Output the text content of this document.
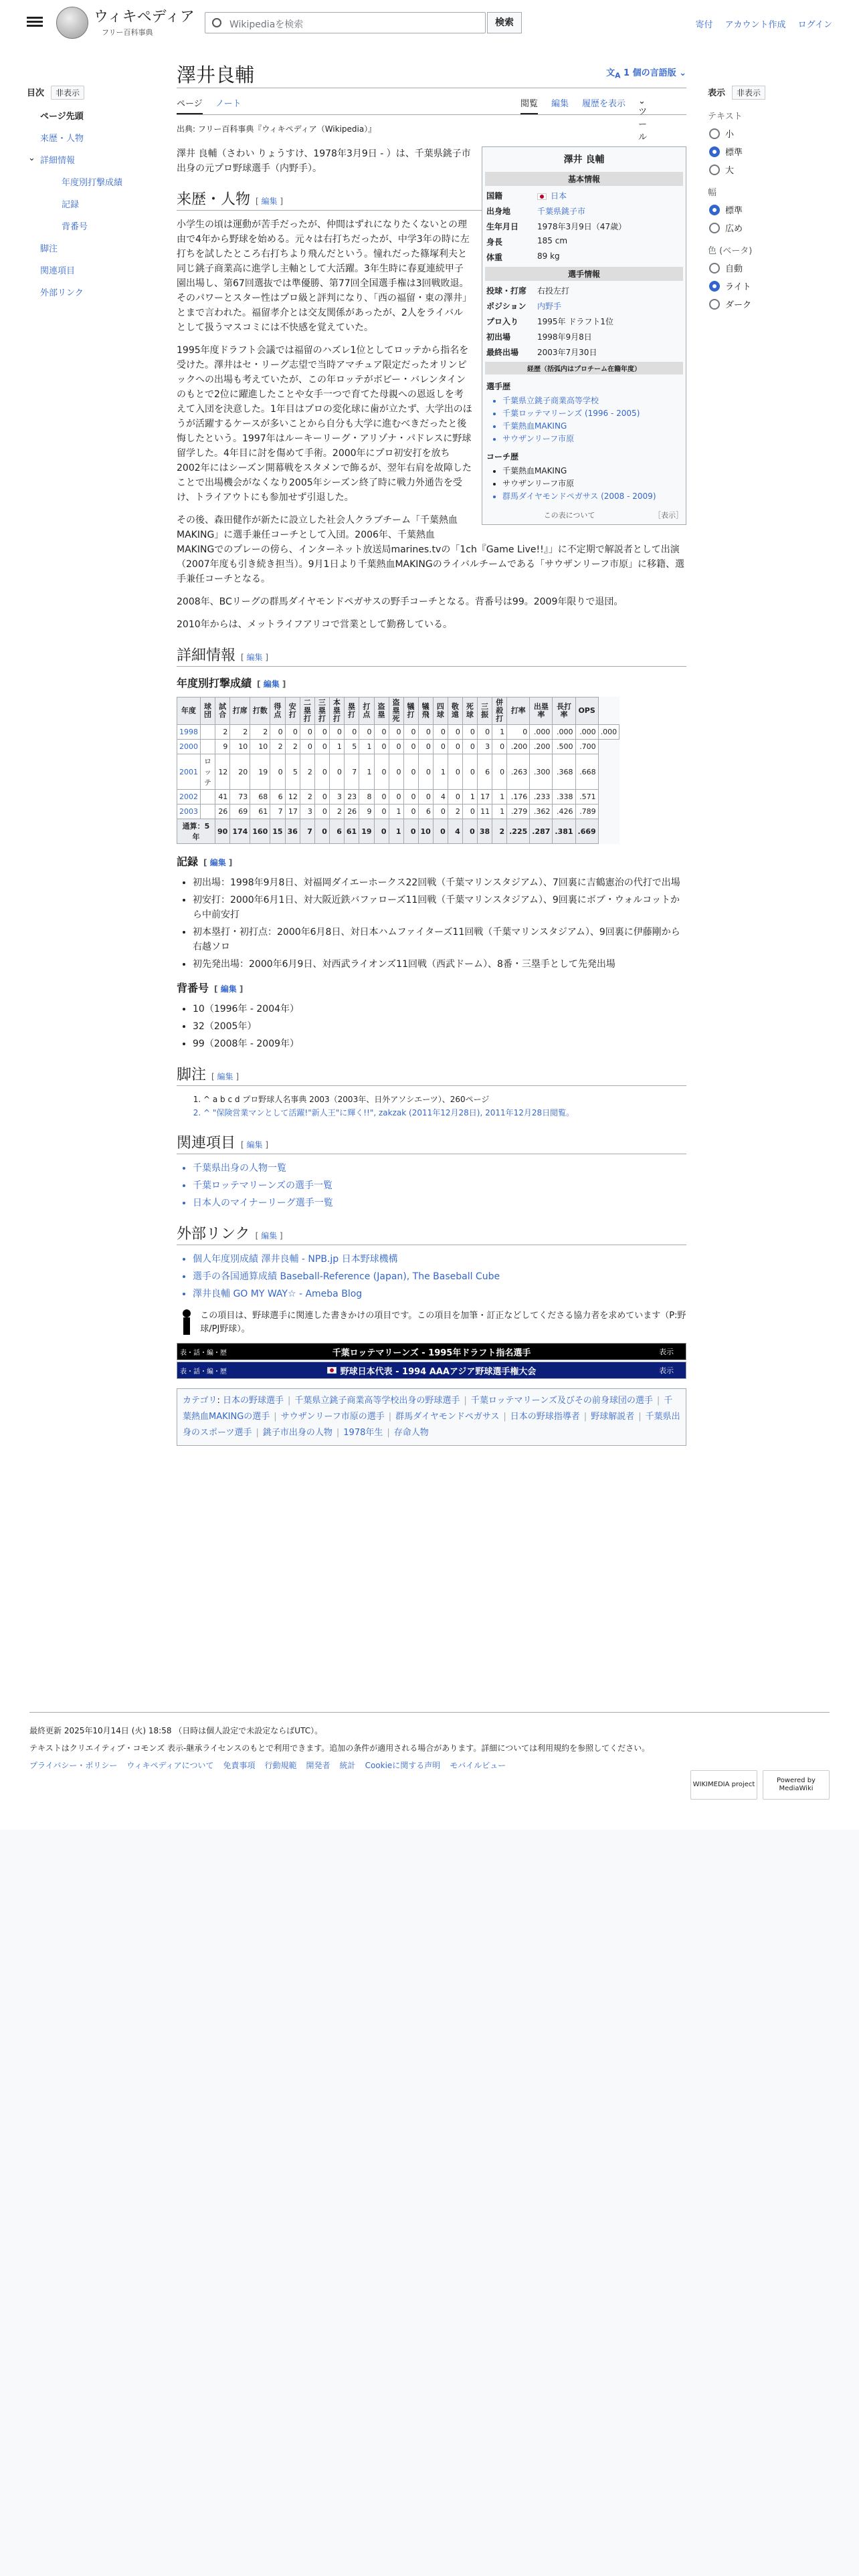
ウィキペディア
フリー百科事典
Wikipediaを検索	検索	寄付 アカウント作成 ログイン
目次 非表示
ページ先頭
来歴・人物
⌄ 詳細情報
年度別打撃成績
記録
背番号
脚注
関連項目
外部リンク
表示 非表示
テキスト
小
標準
大
幅
標準
広め
色 (ベータ)
自動
ライト
ダーク
澤井良輔	文$_A$ 1 個の言語版 ⌄
ページ ノート	閲覧 編集 履歴を表示
ツール
⌄
出典: フリー百科事典『ウィキペディア（Wikipedia）』
澤井 良輔
基本情報
国籍	日本
出身地	千葉県銚子市
生年月日	1978年3月9日（47歳）
身長	185 cm
体重	89 kg
選手情報
投球・打席	右投左打
ポジション	内野手
プロ入り	1995年 ドラフト1位
初出場	1998年9月8日
最終出場	2003年7月30日
経歴（括弧内はプロチーム在籍年度）
選手歴
• 千葉県立銚子商業高等学校
• 千葉ロッテマリーンズ (1996 - 2005)
• 千葉熱血MAKING
• サウザンリーフ市原
コーチ歴
• 千葉熱血MAKING
• サウザンリーフ市原
• 群馬ダイヤモンドペガサス (2008 - 2009)
この表について	［表示］

澤井 良輔（さわい りょうすけ、1978年3月9日 - ）は、千葉県銚子市出身の元プロ野球選手（内野手）。

来歴・人物 [ 編集 ]

小学生の頃は運動が苦手だったが、仲間はずれになりたくないとの理由で4年から野球を始める。元々は右打ちだったが、中学3年の時に左打ちを試したところ右打ちより飛んだという。憧れだった篠塚利夫と同じ銚子商業高に進学し主軸として大活躍。3年生時に春夏連続甲子園出場し、第67回選抜では準優勝、第77回全国選手権は3回戦敗退。そのパワーとスター性はプロ級と評判になり、「西の福留・東の澤井」とまで言われた。福留孝介とは交友関係があったが、2人をライバルとして扱うマスコミには不快感を覚えていた。

1995年度ドラフト会議では福留のハズレ1位としてロッテから指名を受けた。澤井はセ・リーグ志望で当時アマチュア限定だったオリンピックへの出場も考えていたが、この年ロッテがボビー・バレンタインのもとで2位に躍進したことや女手一つで育てた母親への恩返しを考えて入団を決意した。1年目はプロの変化球に歯が立たず、大学出のほうが活躍するケースが多いことから自分も大学に進むべきだったと後悔したという。1997年はルーキーリーグ・アリゾナ・パドレスに野球留学した。4年目に討を傷めて手術。2000年にプロ初安打を放ち2002年にはシーズン開幕戦をスタメンで飾るが、翌年右肩を故障したことで出場機会がなくなり2005年シーズン終了時に戦力外通告を受け、トライアウトにも参加せず引退した。

その後、森田健作が新たに設立した社会人クラブチーム「千葉熱血MAKING」に選手兼任コーチとして入団。2006年、千葉熱血MAKINGでのプレーの傍ら、インターネット放送局marines.tvの「1ch『Game Live!!』」に不定期で解説者として出演（2007年度も引き続き担当）。9月1日より千葉熱血MAKINGのライバルチームである「サウザンリーフ市原」に移籍、選手兼任コーチとなる。

2008年、BCリーグの群馬ダイヤモンドペガサスの野手コーチとなる。背番号は99。2009年限りで退団。

2010年からは、メットライフアリコで営業として勤務している。

詳細情報 [ 編集 ]
年度別打撃成績 [ 編集 ]
年度	球団	試合	打席	打数	得点	安打	二塁打	三塁打	本塁打	塁打	打点	盗塁	盗塁死	犠打	犠飛	四球	敬遠	死球	三振	併殺打	打率	出塁率	長打率	OPS	
1998		2	2	2	0	0	0	0	0	0	0	0	0	0	0	0	0	0	0	1	0	.000	.000	.000	.000
2000		9	10	10	2	2	0	0	1	5	1	0	0	0	0	0	0	0	3	0	.200	.200	.500	.700	
2001	ロッテ	12	20	19	0	5	2	0	0	7	1	0	0	0	0	1	0	0	6	0	.263	.300	.368	.668	
2002		41	73	68	6	12	2	0	3	23	8	0	0	0	0	4	0	1	17	1	.176	.233	.338	.571	
2003		26	69	61	7	17	3	0	2	26	9	0	1	0	6	0	2	0	11	1	.279	.362	.426	.789	
通算：5年		90	174	160	15	36	7	0	6	61	19	0	1	0	10	0	4	0	38	2	.225	.287	.381	.669	
記録 [ 編集 ]
• 初出場：1998年9月8日、対福岡ダイエーホークス22回戦（千葉マリンスタジアム）、7回裏に吉鶴憲治の代打で出場
• 初安打：2000年6月1日、対大阪近鉄バファローズ11回戦（千葉マリンスタジアム）、9回裏にボブ・ウォルコットから中前安打
• 初本塁打・初打点：2000年6月8日、対日本ハムファイターズ11回戦（千葉マリンスタジアム）、9回裏に伊藤剛から右越ソロ
• 初先発出場：2000年6月9日、対西武ライオンズ11回戦（西武ドーム）、8番・三塁手として先発出場
背番号 [ 編集 ]
• 10（1996年 - 2004年）
• 32（2005年）
• 99（2008年 - 2009年）
脚注 [ 編集 ]
1. ^ a b c d プロ野球人名事典 2003（2003年、日外アソシエーツ）、260ページ
2. ^ "保険営業マンとして活躍!"新人王"に輝く!!", zakzak (2011年12月28日), 2011年12月28日閲覧。
関連項目 [ 編集 ]
• 千葉県出身の人物一覧
• 千葉ロッテマリーンズの選手一覧
• 日本人のマイナーリーグ選手一覧
外部リンク [ 編集 ]
• 個人年度別成績 澤井良輔 - NPB.jp 日本野球機構
• 選手の各国通算成績 Baseball-Reference (Japan), The Baseball Cube
• 澤井良輔 GO MY WAY☆ - Ameba Blog
この項目は、野球選手に関連した書きかけの項目です。この項目を加筆・訂正などしてくださる協力者を求めています（P:野球/PJ野球）。
表・話・編・歴	千葉ロッテマリーンズ - 1995年ドラフト指名選手	表示
表・話・編・歴	野球日本代表 - 1994 AAAアジア野球選手権大会	表示
カテゴリ: 日本の野球選手 | 千葉県立銚子商業高等学校出身の野球選手 | 千葉ロッテマリーンズ及びその前身球団の選手 | 千葉熱血MAKINGの選手 | サウザンリーフ市原の選手 | 群馬ダイヤモンドペガサス | 日本の野球指導者 | 野球解説者 | 千葉県出身のスポーツ選手 | 銚子市出身の人物 | 1978年生 | 存命人物
最終更新 2025年10月14日 (火) 18:58 （日時は個人設定で未設定ならばUTC）。
テキストはクリエイティブ・コモンズ 表示-継承ライセンスのもとで利用できます。追加の条件が適用される場合があります。詳細については利用規約を参照してください。
プライバシー・ポリシー ウィキペディアについて 免責事項 行動規範 開発者 統計 Cookieに関する声明 モバイルビュー
WIKIMEDIA project
Powered by MediaWiki
